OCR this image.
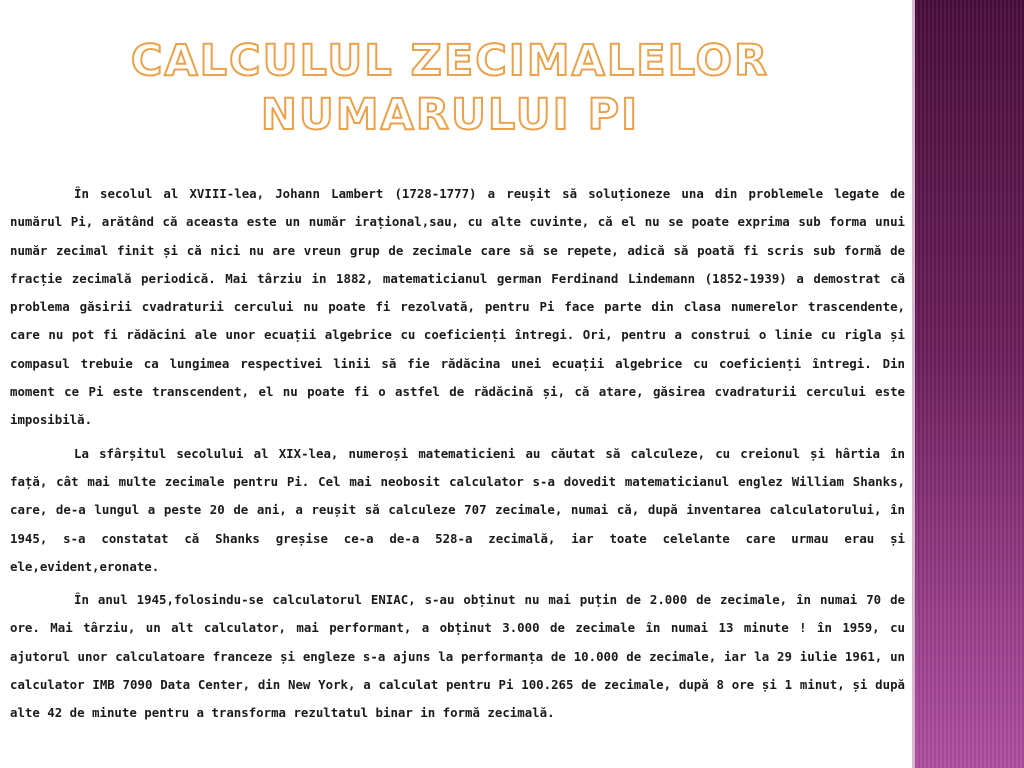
CALCULUL ZECIMALELOR
NUMARULUI PI

În secolul al XVIII-lea, Johann Lambert (1728-1777) a reușit să soluționeze una din problemele legate de numărul Pi, arătând că aceasta este un număr irațional,sau, cu alte cuvinte, că el nu se poate exprima sub forma unui număr zecimal finit și că nici nu are vreun grup de zecimale care să se repete, adică să poată fi scris sub formă de fracție zecimală periodică. Mai târziu in 1882, matematicianul german Ferdinand Lindemann (1852-1939) a demostrat că problema găsirii cvadraturii cercului nu poate fi rezolvată, pentru Pi face parte din clasa numerelor trascendente, care nu pot fi rădăcini ale unor ecuații algebrice cu coeficienți întregi. Ori, pentru a construi o linie cu rigla și compasul trebuie ca lungimea respectivei linii să fie rădăcina unei ecuații algebrice cu coeficienți întregi. Din moment ce Pi este transcendent, el nu poate fi o astfel de rădăcină și, că atare, găsirea cvadraturii cercului este imposibilă.

La sfârșitul secolului al XIX-lea, numeroși matematicieni au căutat să calculeze, cu creionul și hârtia în față, cât mai multe zecimale pentru Pi. Cel mai neobosit calculator s-a dovedit matematicianul englez William Shanks, care, de-a lungul a peste 20 de ani, a reușit să calculeze 707 zecimale, numai că, după inventarea calculatorului, în 1945, s-a constatat că Shanks greșise ce-a de-a 528-a zecimală, iar toate celelante care urmau erau și ele,evident,eronate.

În anul 1945,folosindu-se calculatorul ENIAC, s-au obținut nu mai puțin de 2.000 de zecimale, în numai 70 de ore. Mai târziu, un alt calculator, mai performant, a obținut 3.000 de zecimale în numai 13 minute ! în 1959, cu ajutorul unor calculatoare franceze și engleze s-a ajuns la performanța de 10.000 de zecimale, iar la 29 iulie 1961, un calculator IMB 7090 Data Center, din New York, a calculat pentru Pi 100.265 de zecimale, după 8 ore și 1 minut, și după alte 42 de minute pentru a transforma rezultatul binar in formă zecimală.
